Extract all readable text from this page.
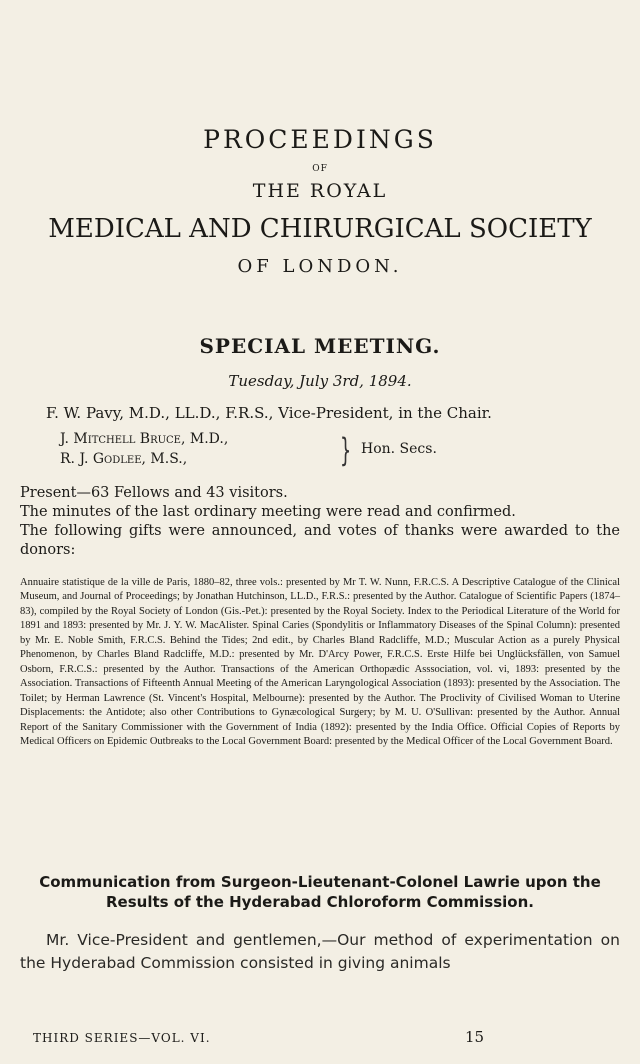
PROCEEDINGS
OF
THE ROYAL
MEDICAL AND CHIRURGICAL SOCIETY
OF LONDON.
SPECIAL MEETING.
Tuesday, July 3rd, 1894.
F. W. Pavy, M.D., LL.D., F.R.S., Vice-President, in the Chair.
J. Mitchell Bruce, M.D.,
R. J. Godlee, M.S.,	} Hon. Secs.
Present—63 Fellows and 43 visitors.
The minutes of the last ordinary meeting were read and confirmed.
The following gifts were announced, and votes of thanks were awarded to the donors:
Annuaire statistique de la ville de Paris, 1880–82, three vols.: presented by Mr T. W. Nunn, F.R.C.S. A Descriptive Catalogue of the Clinical Museum, and Journal of Proceedings; by Jonathan Hutchinson, LL.D., F.R.S.: presented by the Author. Catalogue of Scientific Papers (1874–83), compiled by the Royal Society of London (Gis.-Pet.): presented by the Royal Society. Index to the Periodical Literature of the World for 1891 and 1893: presented by Mr. J. Y. W. MacAlister. Spinal Caries (Spondylitis or Inflammatory Diseases of the Spinal Column): presented by Mr. E. Noble Smith, F.R.C.S. Behind the Tides; 2nd edit., by Charles Bland Radcliffe, M.D.; Muscular Action as a purely Physical Phenomenon, by Charles Bland Radcliffe, M.D.: presented by Mr. D'Arcy Power, F.R.C.S. Erste Hilfe bei Unglücksfällen, von Samuel Osborn, F.R.C.S.: presented by the Author. Transactions of the American Orthopædic Asssociation, vol. vi, 1893: presented by the Association. Transactions of Fifteenth Annual Meeting of the American Laryngological Association (1893): presented by the Association. The Toilet; by Herman Lawrence (St. Vincent's Hospital, Melbourne): presented by the Author. The Proclivity of Civilised Woman to Uterine Displacements: the Antidote; also other Contributions to Gynæcological Surgery; by M. U. O'Sullivan: presented by the Author. Annual Report of the Sanitary Commissioner with the Government of India (1892): presented by the India Office. Official Copies of Reports by Medical Officers on Epidemic Outbreaks to the Local Government Board: presented by the Medical Officer of the Local Government Board.
Communication from Surgeon-Lieutenant-Colonel Lawrie upon the Results of the Hyderabad Chloroform Commission.
Mr. Vice-President and gentlemen,—Our method of experimentation on the Hyderabad Commission consisted in giving animals
THIRD SERIES—VOL. VI.	15
